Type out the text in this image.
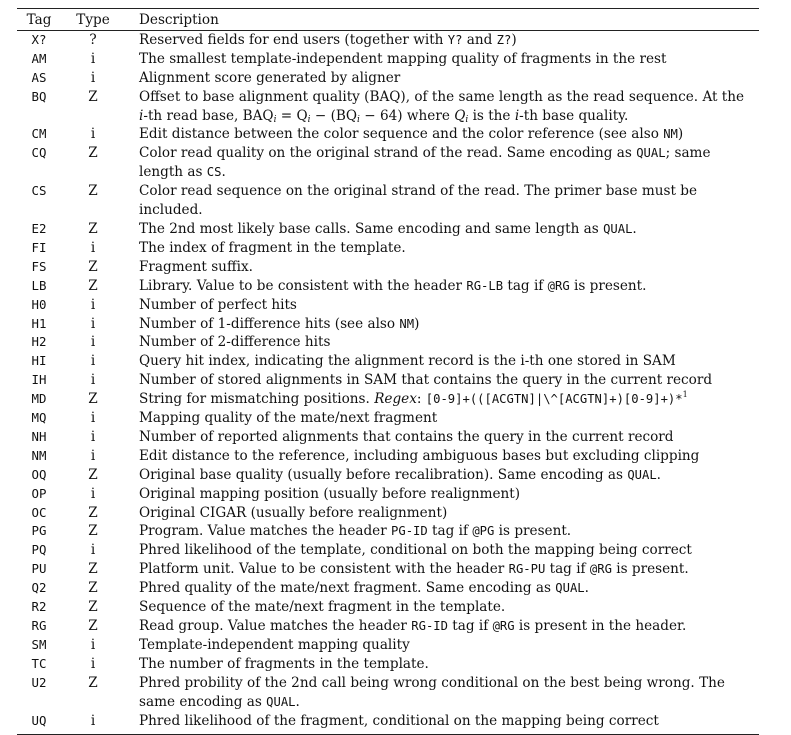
Tag	Type	Description
X?	?	Reserved fields for end users (together with Y? and Z?)
AM	i	The smallest template-independent mapping quality of fragments in the rest
AS	i	Alignment score generated by aligner
BQ	Z	Offset to base alignment quality (BAQ), of the same length as the read sequence. At the i-th read base, $BAQ_i = Q_i - (BQ_i - 64)$ where $Q_i$ is the i-th base quality.
CM	i	Edit distance between the color sequence and the color reference (see also NM)
CQ	Z	Color read quality on the original strand of the read. Same encoding as QUAL; same length as CS.
CS	Z	Color read sequence on the original strand of the read. The primer base must be included.
E2	Z	The 2nd most likely base calls. Same encoding and same length as QUAL.
FI	i	The index of fragment in the template.
FS	Z	Fragment suffix.
LB	Z	Library. Value to be consistent with the header RG-LB tag if @RG is present.
H0	i	Number of perfect hits
H1	i	Number of 1-difference hits (see also NM)
H2	i	Number of 2-difference hits
HI	i	Query hit index, indicating the alignment record is the i-th one stored in SAM
IH	i	Number of stored alignments in SAM that contains the query in the current record
MD	Z	String for mismatching positions. Regex: [0-9]+(([ACGTN]|\^[ACGTN]+)[0-9]+)*$^1$
MQ	i	Mapping quality of the mate/next fragment
NH	i	Number of reported alignments that contains the query in the current record
NM	i	Edit distance to the reference, including ambiguous bases but excluding clipping
OQ	Z	Original base quality (usually before recalibration). Same encoding as QUAL.
OP	i	Original mapping position (usually before realignment)
OC	Z	Original CIGAR (usually before realignment)
PG	Z	Program. Value matches the header PG-ID tag if @PG is present.
PQ	i	Phred likelihood of the template, conditional on both the mapping being correct
PU	Z	Platform unit. Value to be consistent with the header RG-PU tag if @RG is present.
Q2	Z	Phred quality of the mate/next fragment. Same encoding as QUAL.
R2	Z	Sequence of the mate/next fragment in the template.
RG	Z	Read group. Value matches the header RG-ID tag if @RG is present in the header.
SM	i	Template-independent mapping quality
TC	i	The number of fragments in the template.
U2	Z	Phred probility of the 2nd call being wrong conditional on the best being wrong. The same encoding as QUAL.
UQ	i	Phred likelihood of the fragment, conditional on the mapping being correct
